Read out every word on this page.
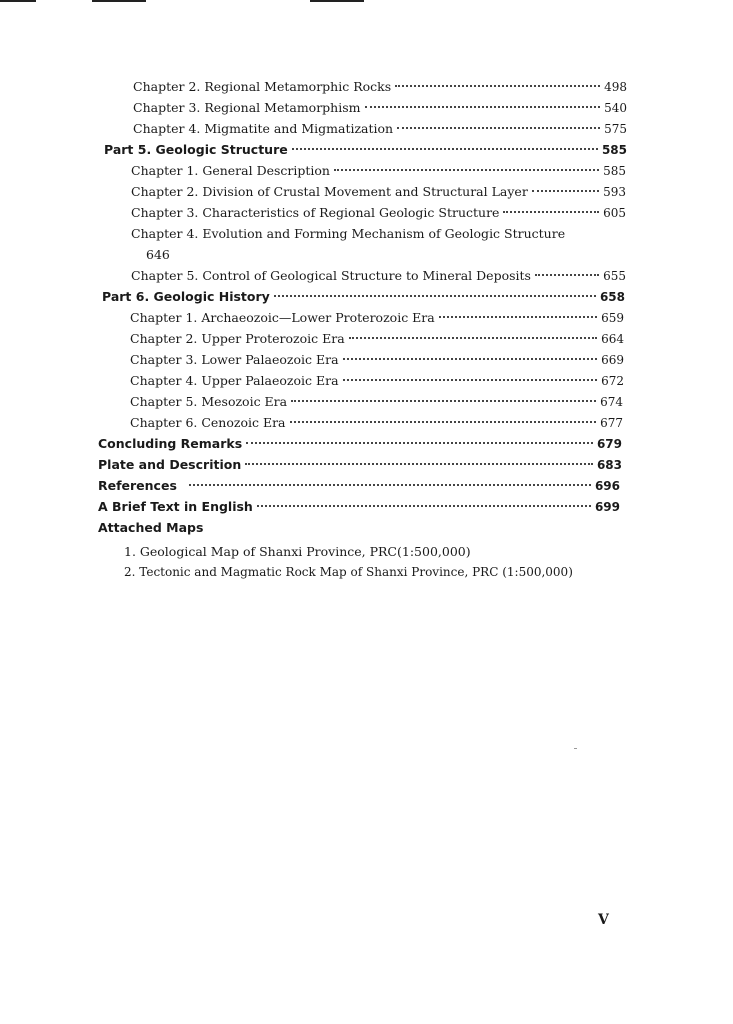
Chapter 2. Regional Metamorphic Rocks	498
Chapter 3. Regional Metamorphism	540
Chapter 4. Migmatite and Migmatization	575
Part 5. Geologic Structure	585
Chapter 1. General Description	585
Chapter 2. Division of Crustal Movement and Structural Layer	593
Chapter 3. Characteristics of Regional Geologic Structure	605
Chapter 4. Evolution and Forming Mechanism of Geologic Structure
646
Chapter 5. Control of Geological Structure to Mineral Deposits	655
Part 6. Geologic History	658
Chapter 1. Archaeozoic—Lower Proterozoic Era	659
Chapter 2. Upper Proterozoic Era	664
Chapter 3. Lower Palaeozoic Era	669
Chapter 4. Upper Palaeozoic Era	672
Chapter 5. Mesozoic Era	674
Chapter 6. Cenozoic Era	677
Concluding Remarks	679
Plate and Descrition	683
References	696
A Brief Text in English	699
Attached Maps
1. Geological Map of Shanxi Province, PRC(1:500,000)
2. Tectonic and Magmatic Rock Map of Shanxi Province, PRC (1:500,000)
V
